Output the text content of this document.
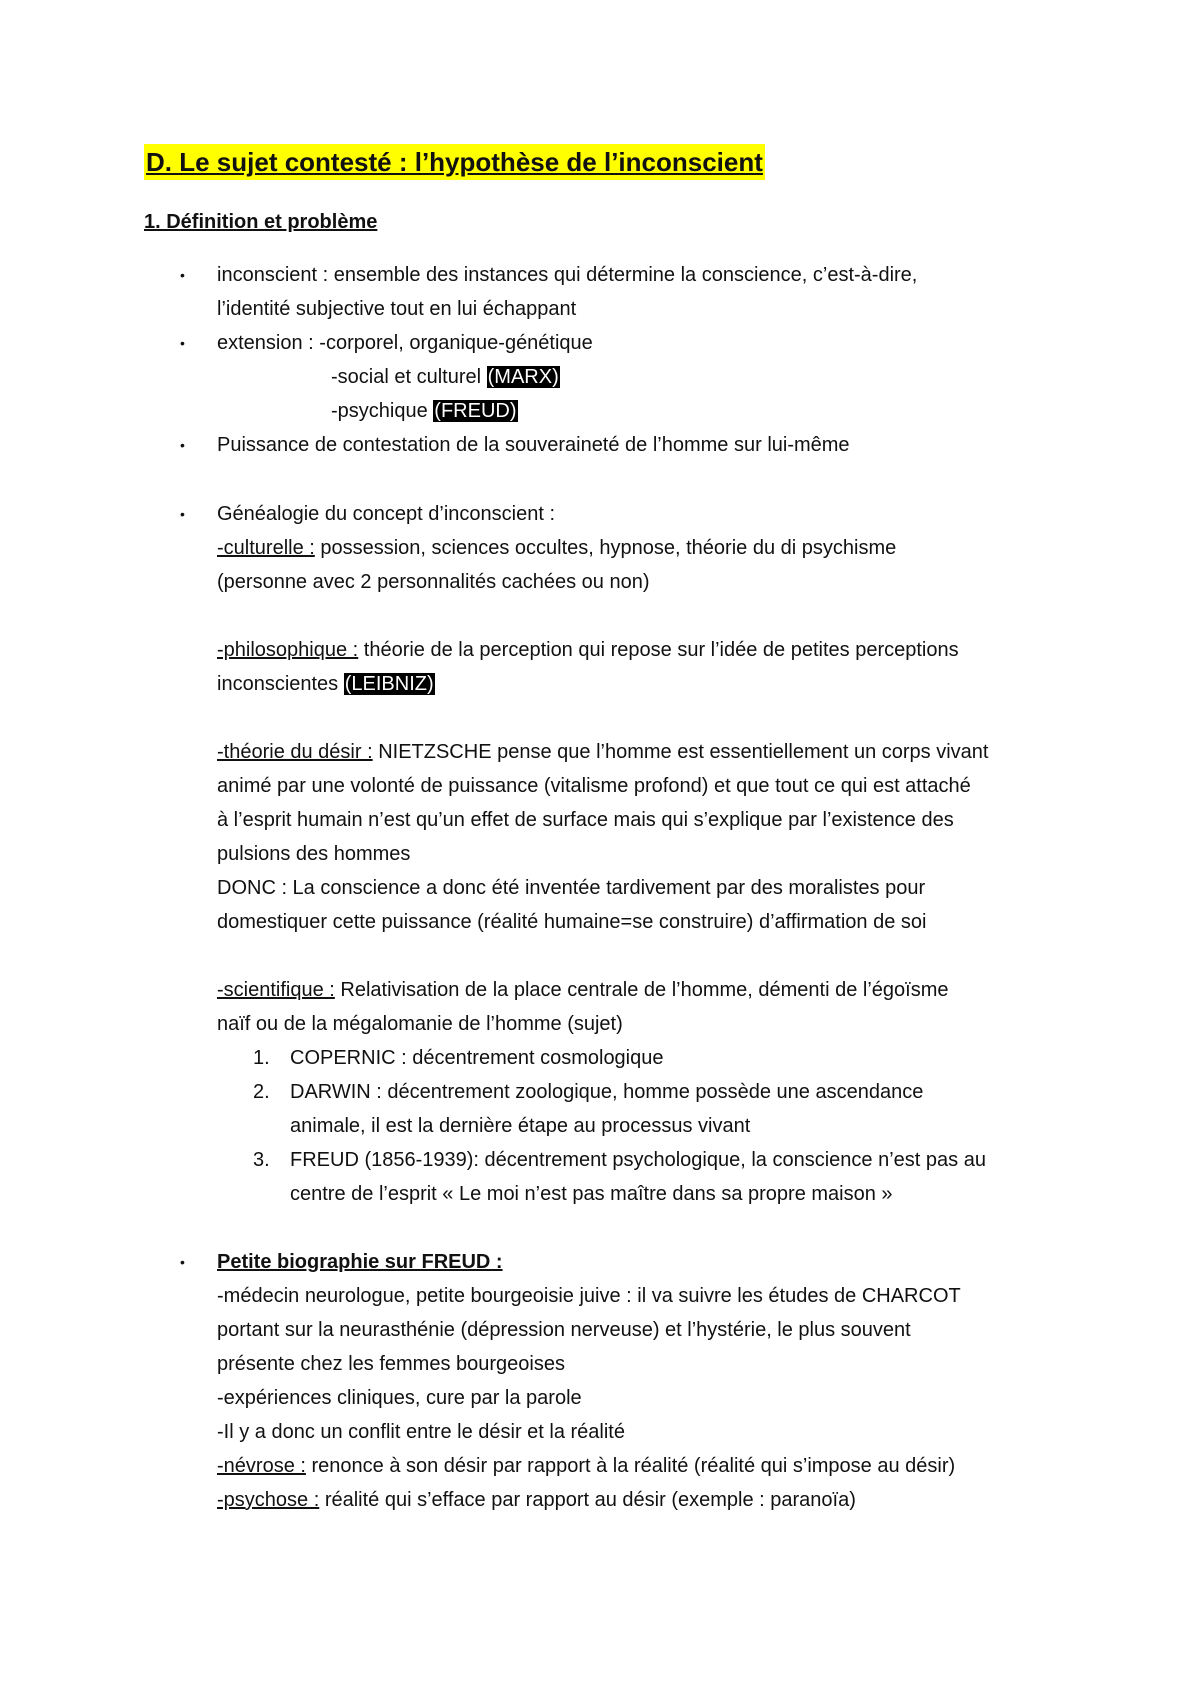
D. Le sujet contesté : l’hypothèse de l’inconscient
1. Définition et problème
• inconscient : ensemble des instances qui détermine la conscience, c’est-à-dire,
l’identité subjective tout en lui échappant
• extension : -corporel, organique-génétique
-social et culturel (MARX)
-psychique (FREUD)
• Puissance de contestation de la souveraineté de l’homme sur lui-même
• Généalogie du concept d’inconscient :
-culturelle : possession, sciences occultes, hypnose, théorie du di psychisme
(personne avec 2 personnalités cachées ou non)
-philosophique : théorie de la perception qui repose sur l’idée de petites perceptions
inconscientes (LEIBNIZ)
-théorie du désir : NIETZSCHE pense que l’homme est essentiellement un corps vivant
animé par une volonté de puissance (vitalisme profond) et que tout ce qui est attaché
à l’esprit humain n’est qu’un effet de surface mais qui s’explique par l’existence des
pulsions des hommes
DONC : La conscience a donc été inventée tardivement par des moralistes pour
domestiquer cette puissance (réalité humaine=se construire) d’affirmation de soi
-scientifique : Relativisation de la place centrale de l’homme, démenti de l’égoïsme
naïf ou de la mégalomanie de l’homme (sujet)
1. COPERNIC : décentrement cosmologique
2. DARWIN : décentrement zoologique, homme possède une ascendance
animale, il est la dernière étape au processus vivant
3. FREUD (1856-1939): décentrement psychologique, la conscience n’est pas au
centre de l’esprit « Le moi n’est pas maître dans sa propre maison »
• Petite biographie sur FREUD :
-médecin neurologue, petite bourgeoisie juive : il va suivre les études de CHARCOT
portant sur la neurasthénie (dépression nerveuse) et l’hystérie, le plus souvent
présente chez les femmes bourgeoises
-expériences cliniques, cure par la parole
-Il y a donc un conflit entre le désir et la réalité
-névrose : renonce à son désir par rapport à la réalité (réalité qui s’impose au désir)
-psychose : réalité qui s’efface par rapport au désir (exemple : paranoïa)
